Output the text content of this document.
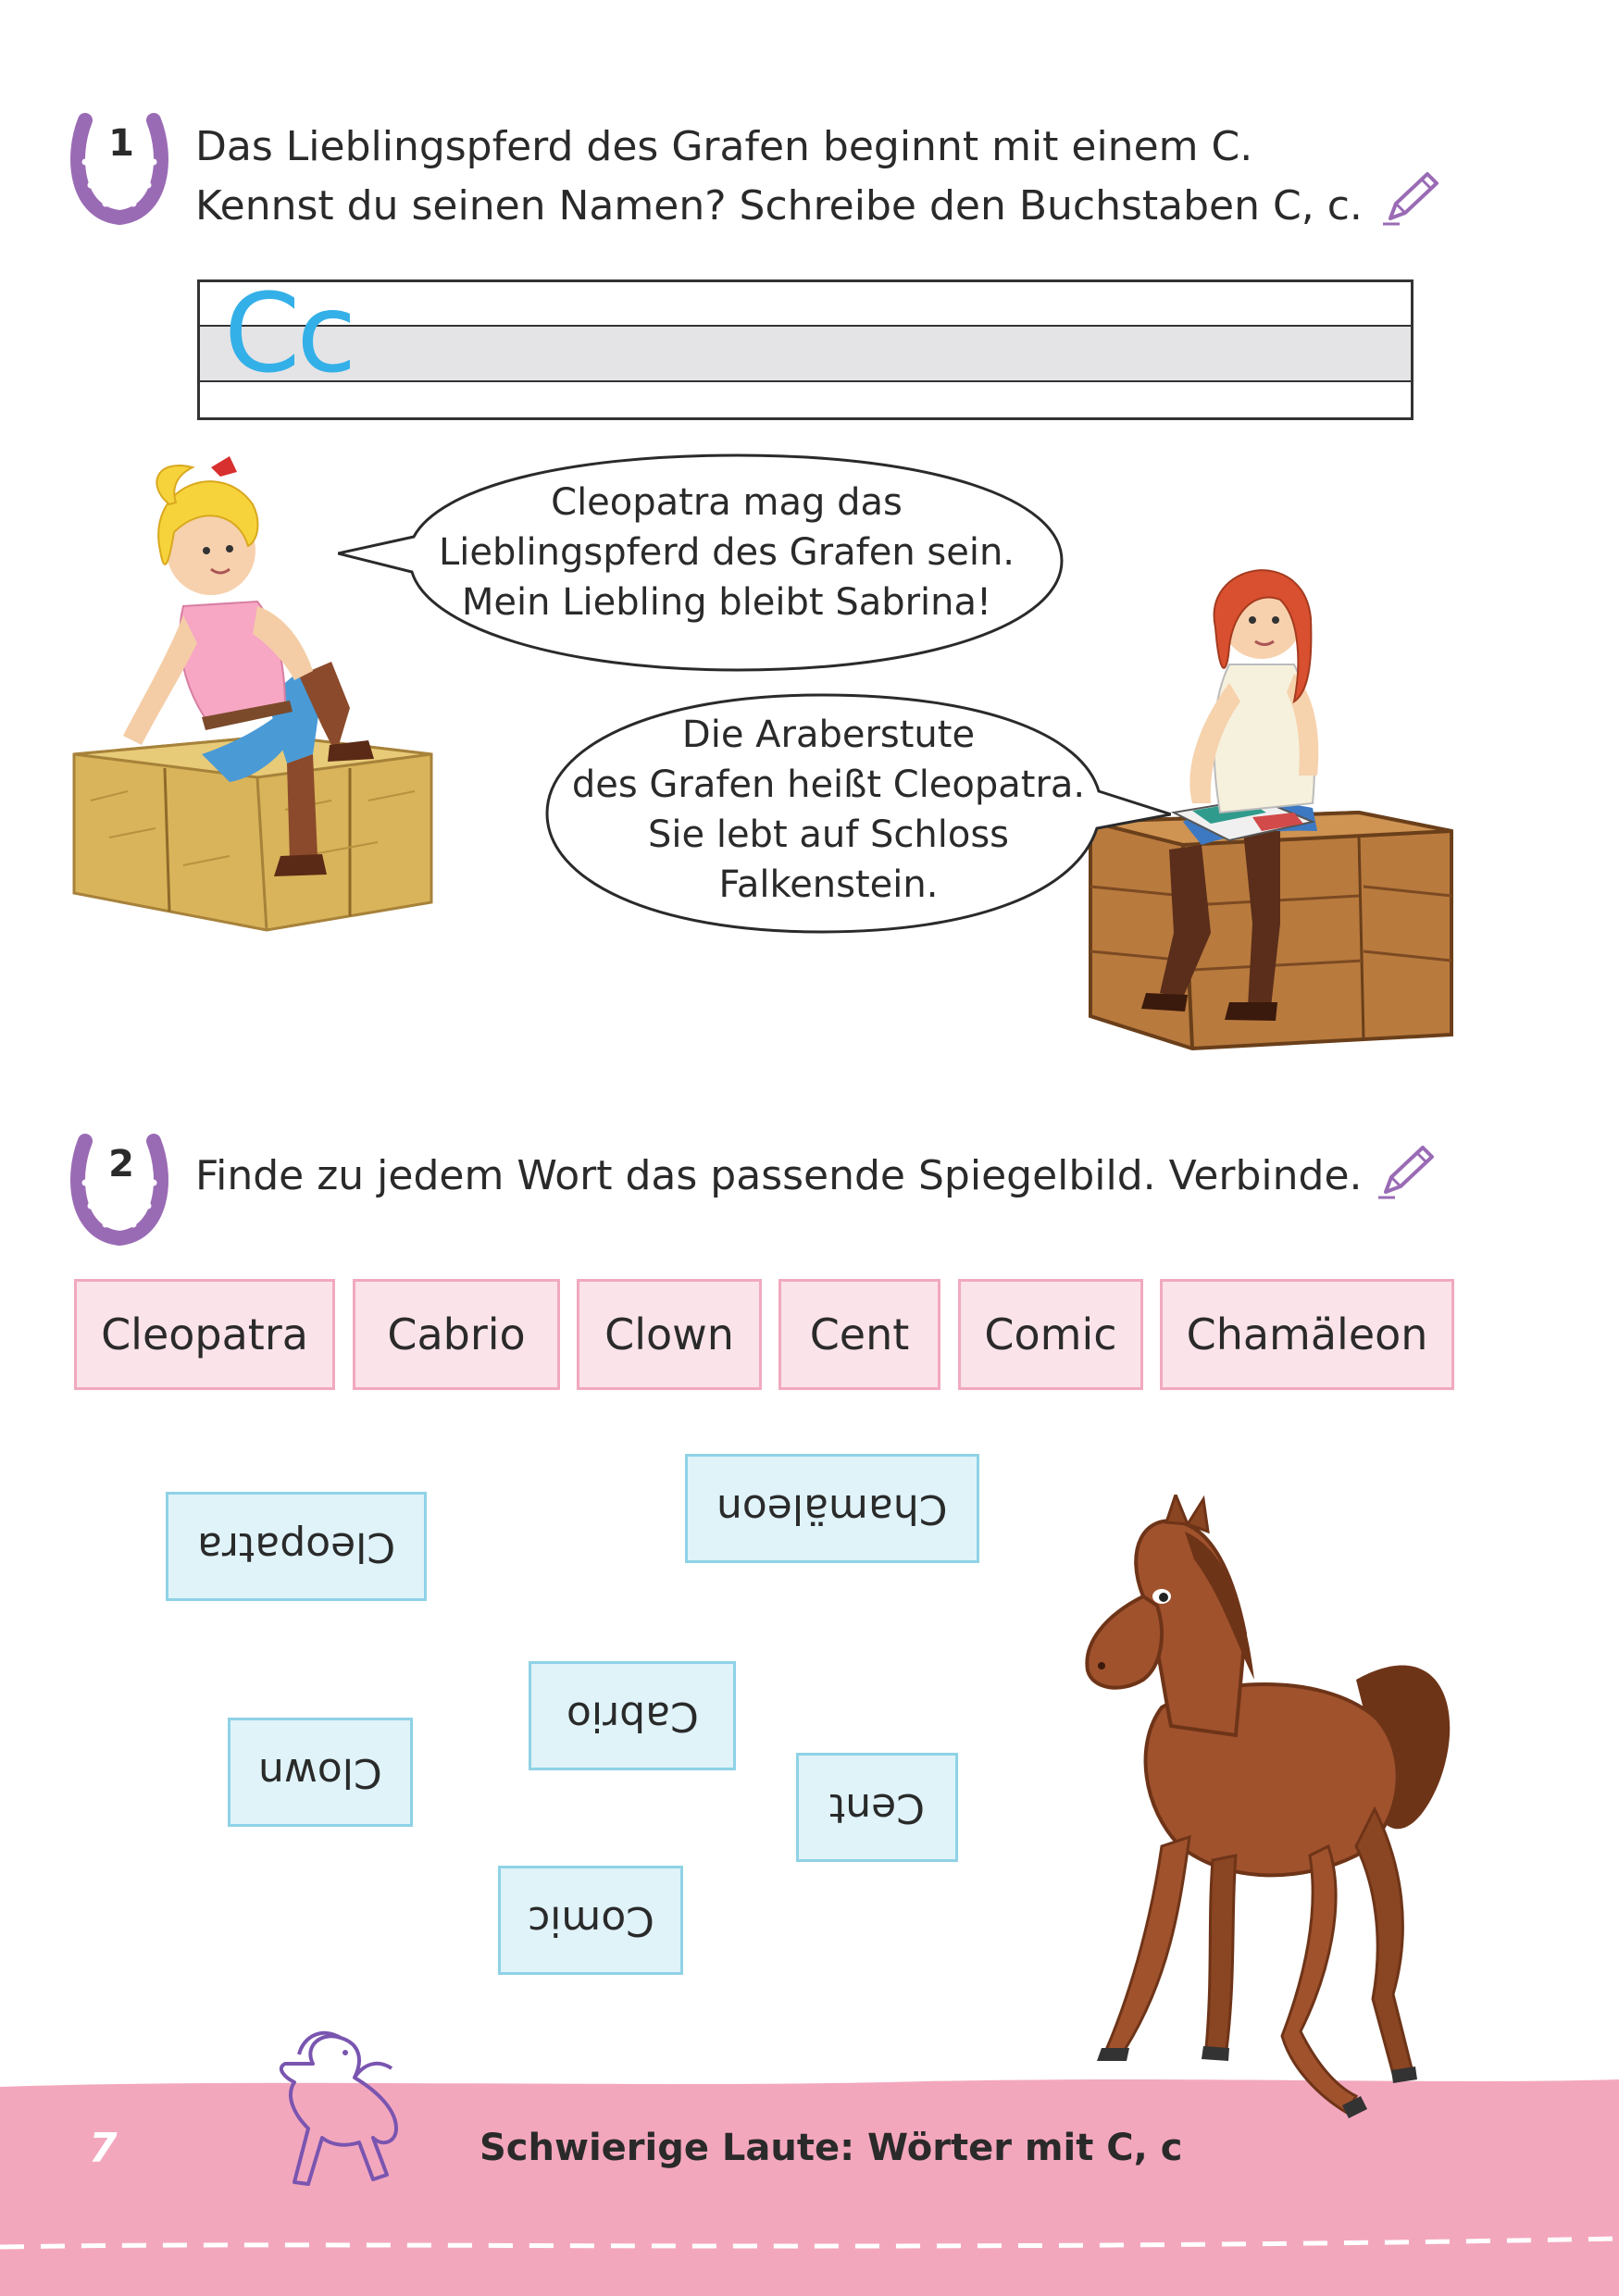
1	Das Lieblingspferd des Grafen beginnt mit einem C.
Kennst du seinen Namen? Schreibe den Buchstaben C, c.
Cc
Cleopatra mag das
Lieblingspferd des Grafen sein.
Mein Liebling bleibt Sabrina!
Die Araberstute
des Grafen heißt Cleopatra.
Sie lebt auf Schloss
Falkenstein.
2	Finde zu jedem Wort das passende Spiegelbild. Verbinde.
Cleopatra	Cabrio	Clown	Cent	Comic	Chamäleon
Cleopatra
Chamäleon
Cabrio
Clown
Cent
Comic
7	Schwierige Laute: Wörter mit C, c
